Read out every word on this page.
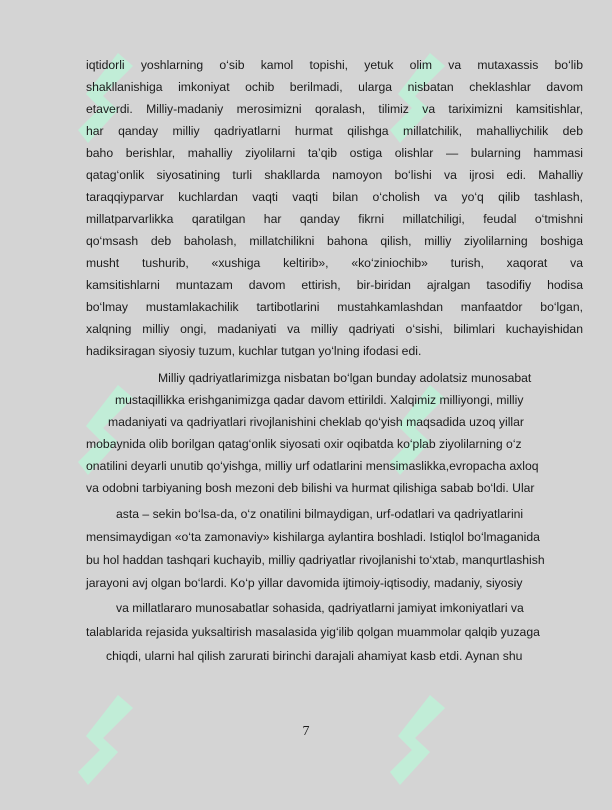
iqtidorli yoshlarning o‘sib kamol topishi, yetuk olim va mutaxassis bo‘lib
shakllanishiga imkoniyat ochib berilmadi, ularga nisbatan cheklashlar davom
etaverdi. Milliy-madaniy merosimizni qoralash, tilimiz va tariximizni kamsitishlar,
har qanday milliy qadriyatlarni hurmat qilishga millatchilik, mahalliychilik deb
baho berishlar, mahalliy ziyolilarni ta’qib ostiga olishlar — bularning hammasi
qatag‘onlik siyosatining turli shakllarda namoyon bo‘lishi va ijrosi edi. Mahalliy
taraqqiyparvar kuchlardan vaqti vaqti bilan o‘cholish va yo‘q qilib tashlash,
millatparvarlikka qaratilgan har qanday fikrni millatchiligi, feudal o‘tmishni
qo‘msash deb baholash, millatchilikni bahona qilish, milliy ziyolilarning boshiga
musht tushurib, «xushiga keltirib», «ko‘ziniochib» turish, xaqorat va
kamsitishlarni muntazam davom ettirish, bir-biridan ajralgan tasodifiy hodisa
bo‘lmay mustamlakachilik tartibotlarini mustahkamlashdan manfaatdor bo‘lgan,
xalqning milliy ongi, madaniyati va milliy qadriyati o‘sishi, bilimlari kuchayishidan
hadiksiragan siyosiy tuzum, kuchlar tutgan yo‘lning ifodasi edi.
Milliy qadriyatlarimizga nisbatan bo‘lgan bunday adolatsiz munosabat
mustaqillikka erishganimizga qadar davom ettirildi. Xalqimiz milliyongi, milliy
madaniyati va qadriyatlari rivojlanishini cheklab qo‘yish maqsadida uzoq yillar
mobaynida olib borilgan qatag‘onlik siyosati oxir oqibatda ko‘plab ziyolilarning o‘z
onatilini deyarli unutib qo‘yishga, milliy urf odatlarini mensimaslikka,evropacha axloq
va odobni tarbiyaning bosh mezoni deb bilishi va hurmat qilishiga sabab bo‘ldi. Ular
asta – sekin bo‘lsa-da, o‘z onatilini bilmaydigan, urf-odatlari va qadriyatlarini
mensimaydigan «o‘ta zamonaviy» kishilarga aylantira boshladi. Istiqlol bo‘lmaganida
bu hol haddan tashqari kuchayib, milliy qadriyatlar rivojlanishi to‘xtab, manqurtlashish
jarayoni avj olgan bo‘lardi. Ko‘p yillar davomida ijtimoiy-iqtisodiy, madaniy, siyosiy
va millatlararo munosabatlar sohasida, qadriyatlarni jamiyat imkoniyatlari va
talablarida rejasida yuksaltirish masalasida yig‘ilib qolgan muammolar qalqib yuzaga
chiqdi, ularni hal qilish zarurati birinchi darajali ahamiyat kasb etdi. Aynan shu
7
